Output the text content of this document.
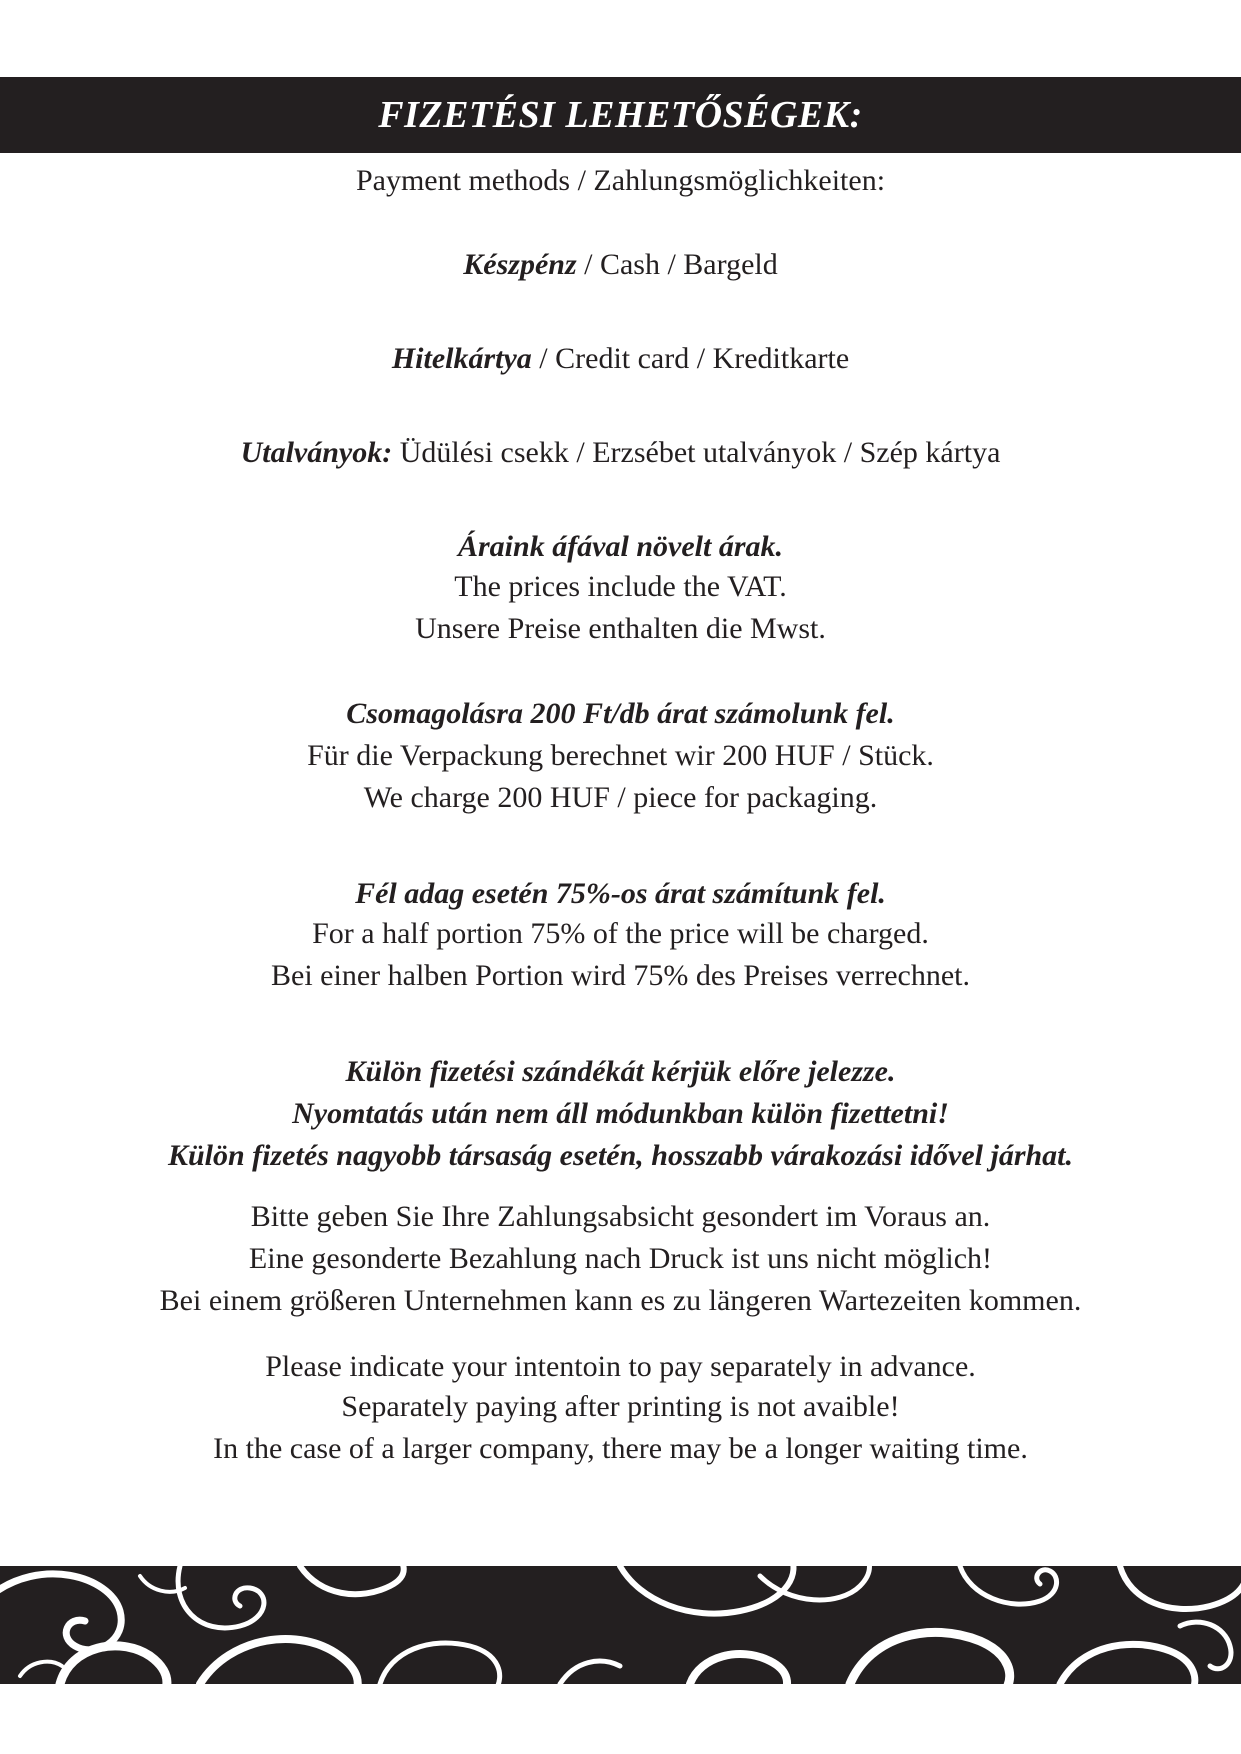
FIZETÉSI LEHETŐSÉGEK:
Payment methods / Zahlungsmöglichkeiten:
Készpénz / Cash / Bargeld
Hitelkártya / Credit card / Kreditkarte
Utalványok: Üdülési csekk / Erzsébet utalványok / Szép kártya
Áraink áfával növelt árak.
The prices include the VAT.
Unsere Preise enthalten die Mwst.
Csomagolásra 200 Ft/db árat számolunk fel.
Für die Verpackung berechnet wir 200 HUF / Stück.
We charge 200 HUF / piece for packaging.
Fél adag esetén 75%-os árat számítunk fel.
For a half portion 75% of the price will be charged.
Bei einer halben Portion wird 75% des Preises verrechnet.
Külön fizetési szándékát kérjük előre jelezze.
Nyomtatás után nem áll módunkban külön fizettetni!
Külön fizetés nagyobb társaság esetén, hosszabb várakozási idővel járhat.
Bitte geben Sie Ihre Zahlungsabsicht gesondert im Voraus an.
Eine gesonderte Bezahlung nach Druck ist uns nicht möglich!
Bei einem größeren Unternehmen kann es zu längeren Wartezeiten kommen.
Please indicate your intentoin to pay separately in advance.
Separately paying after printing is not avaible!
In the case of a larger company, there may be a longer waiting time.
